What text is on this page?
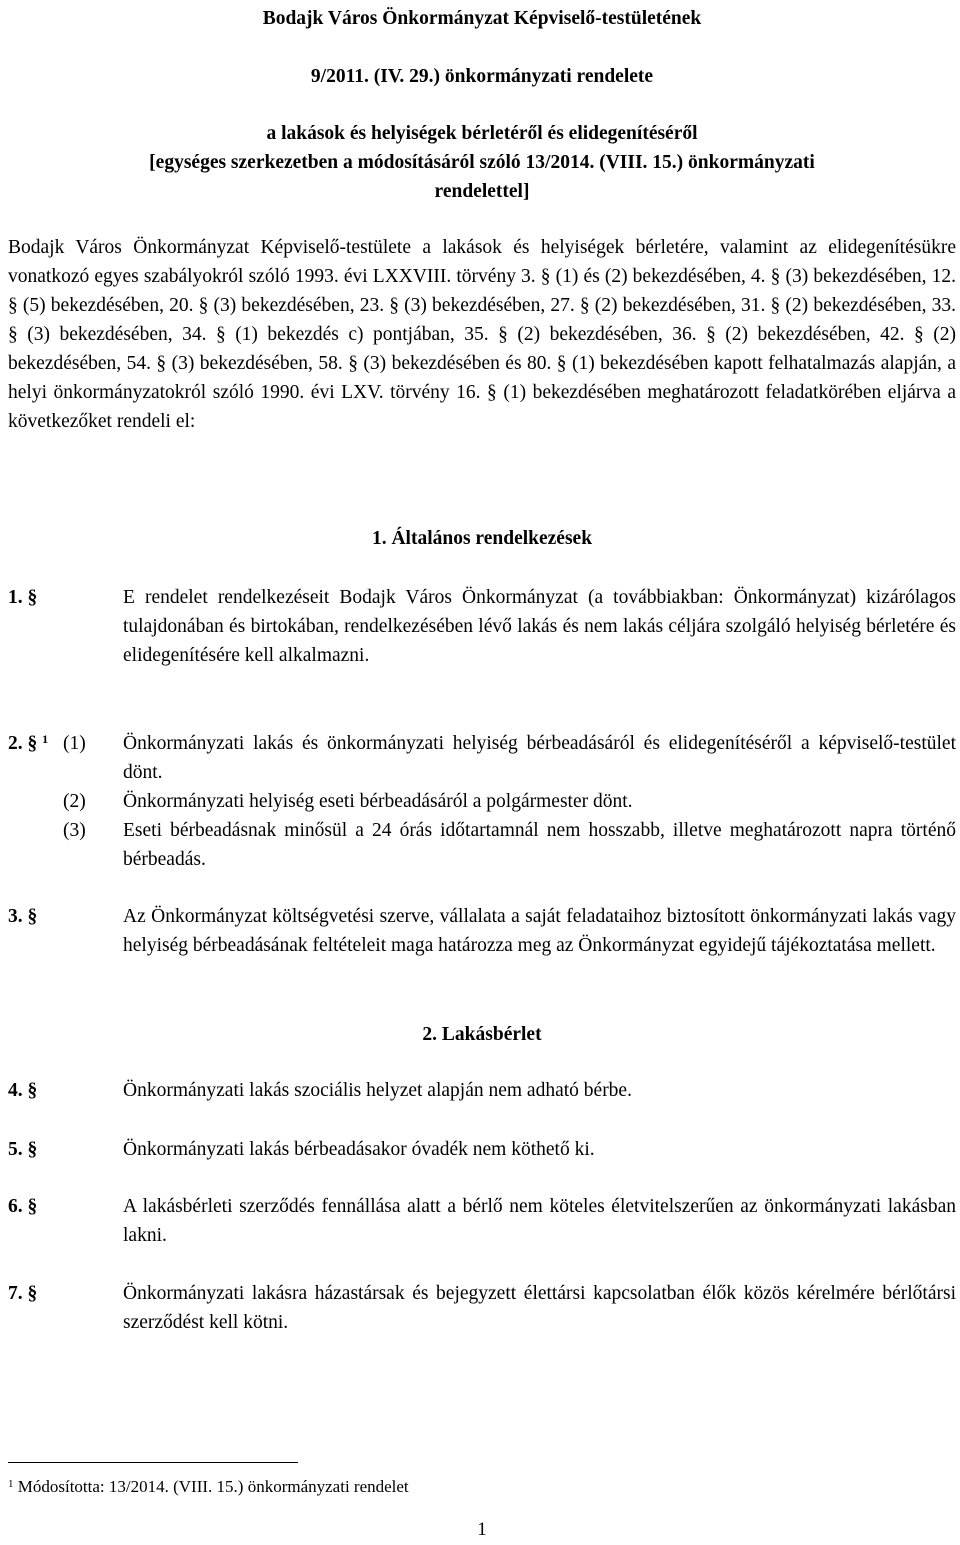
Bodajk Város Önkormányzat Képviselő-testületének
9/2011. (IV. 29.) önkormányzati rendelete
a lakások és helyiségek bérletéről és elidegenítéséről
[egységes szerkezetben a módosításáról szóló 13/2014. (VIII. 15.) önkormányzati
rendelettel]
Bodajk Város Önkormányzat Képviselő-testülete a lakások és helyiségek bérletére, valamint az elidegenítésükre vonatkozó egyes szabályokról szóló 1993. évi LXXVIII. törvény 3. § (1) és (2) bekezdésében, 4. § (3) bekezdésében, 12. § (5) bekezdésében, 20. § (3) bekezdésében, 23. § (3) bekezdésében, 27. § (2) bekezdésében, 31. § (2) bekezdésében, 33. § (3) bekezdésében, 34. § (1) bekezdés c) pontjában, 35. § (2) bekezdésében, 36. § (2) bekezdésében, 42. § (2) bekezdésében, 54. § (3) bekezdésében, 58. § (3) bekezdésében és 80. § (1) bekezdésében kapott felhatalmazás alapján, a helyi önkormányzatokról szóló 1990. évi LXV. törvény 16. § (1) bekezdésében meghatározott feladatkörében eljárva a következőket rendeli el:
1. Általános rendelkezések
1. §	E rendelet rendelkezéseit Bodajk Város Önkormányzat (a továbbiakban: Önkormányzat) kizárólagos tulajdonában és birtokában, rendelkezésében lévő lakás és nem lakás céljára szolgáló helyiség bérletére és elidegenítésére kell alkalmazni.
2. § $^1$ (1) Önkormányzati lakás és önkormányzati helyiség bérbeadásáról és elidegenítéséről a képviselő-testület dönt.
(2) Önkormányzati helyiség eseti bérbeadásáról a polgármester dönt.
(3) Eseti bérbeadásnak minősül a 24 órás időtartamnál nem hosszabb, illetve meghatározott napra történő bérbeadás.
3. §	Az Önkormányzat költségvetési szerve, vállalata a saját feladataihoz biztosított önkormányzati lakás vagy helyiség bérbeadásának feltételeit maga határozza meg az Önkormányzat egyidejű tájékoztatása mellett.
2. Lakásbérlet
4. §	Önkormányzati lakás szociális helyzet alapján nem adható bérbe.
5. §	Önkormányzati lakás bérbeadásakor óvadék nem köthető ki.
6. §	A lakásbérleti szerződés fennállása alatt a bérlő nem köteles életvitelszerűen az önkormányzati lakásban lakni.
7. §	Önkormányzati lakásra házastársak és bejegyzett élettársi kapcsolatban élők közös kérelmére bérlőtársi szerződést kell kötni.
$^1$ Módosította: 13/2014. (VIII. 15.) önkormányzati rendelet
1
